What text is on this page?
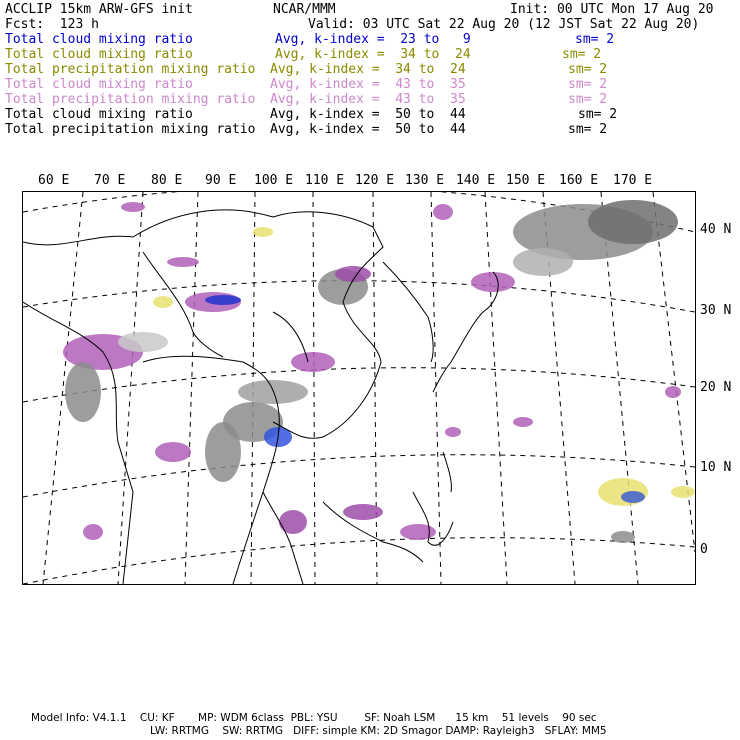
ACCLIP 15km ARW-GFS init	NCAR/MMM	Init: 00 UTC Mon 17 Aug 20
Fcst:  123 h	Valid: 03 UTC Sat 22 Aug 20 (12 JST Sat 22 Aug 20)
Total cloud mixing ratio	Avg, k-index =  23 to   9	sm= 2
Total cloud mixing ratio	Avg, k-index =  34 to  24	sm= 2
Total precipitation mixing ratio Avg, k-index =  34 to  24	sm= 2
Total cloud mixing ratio	Avg, k-index =  43 to  35	sm= 2
Total precipitation mixing ratio Avg, k-index =  43 to  35	sm= 2
Total cloud mixing ratio	Avg, k-index =  50 to  44	sm= 2
Total precipitation mixing ratio Avg, k-index =  50 to  44	sm= 2
60 E 70 E 80 E 90 E 100 E 110 E 120 E 130 E 140 E 150 E 160 E 170 E
40 N
30 N
20 N
10 N
0
Model Info: V4.1.1    CU: KF       MP: WDM 6class  PBL: YSU        SF: Noah LSM      15 km    51 levels    90 sec
LW: RRTMG    SW: RRTMG   DIFF: simple KM: 2D Smagor DAMP: Rayleigh3   SFLAY: MM5
